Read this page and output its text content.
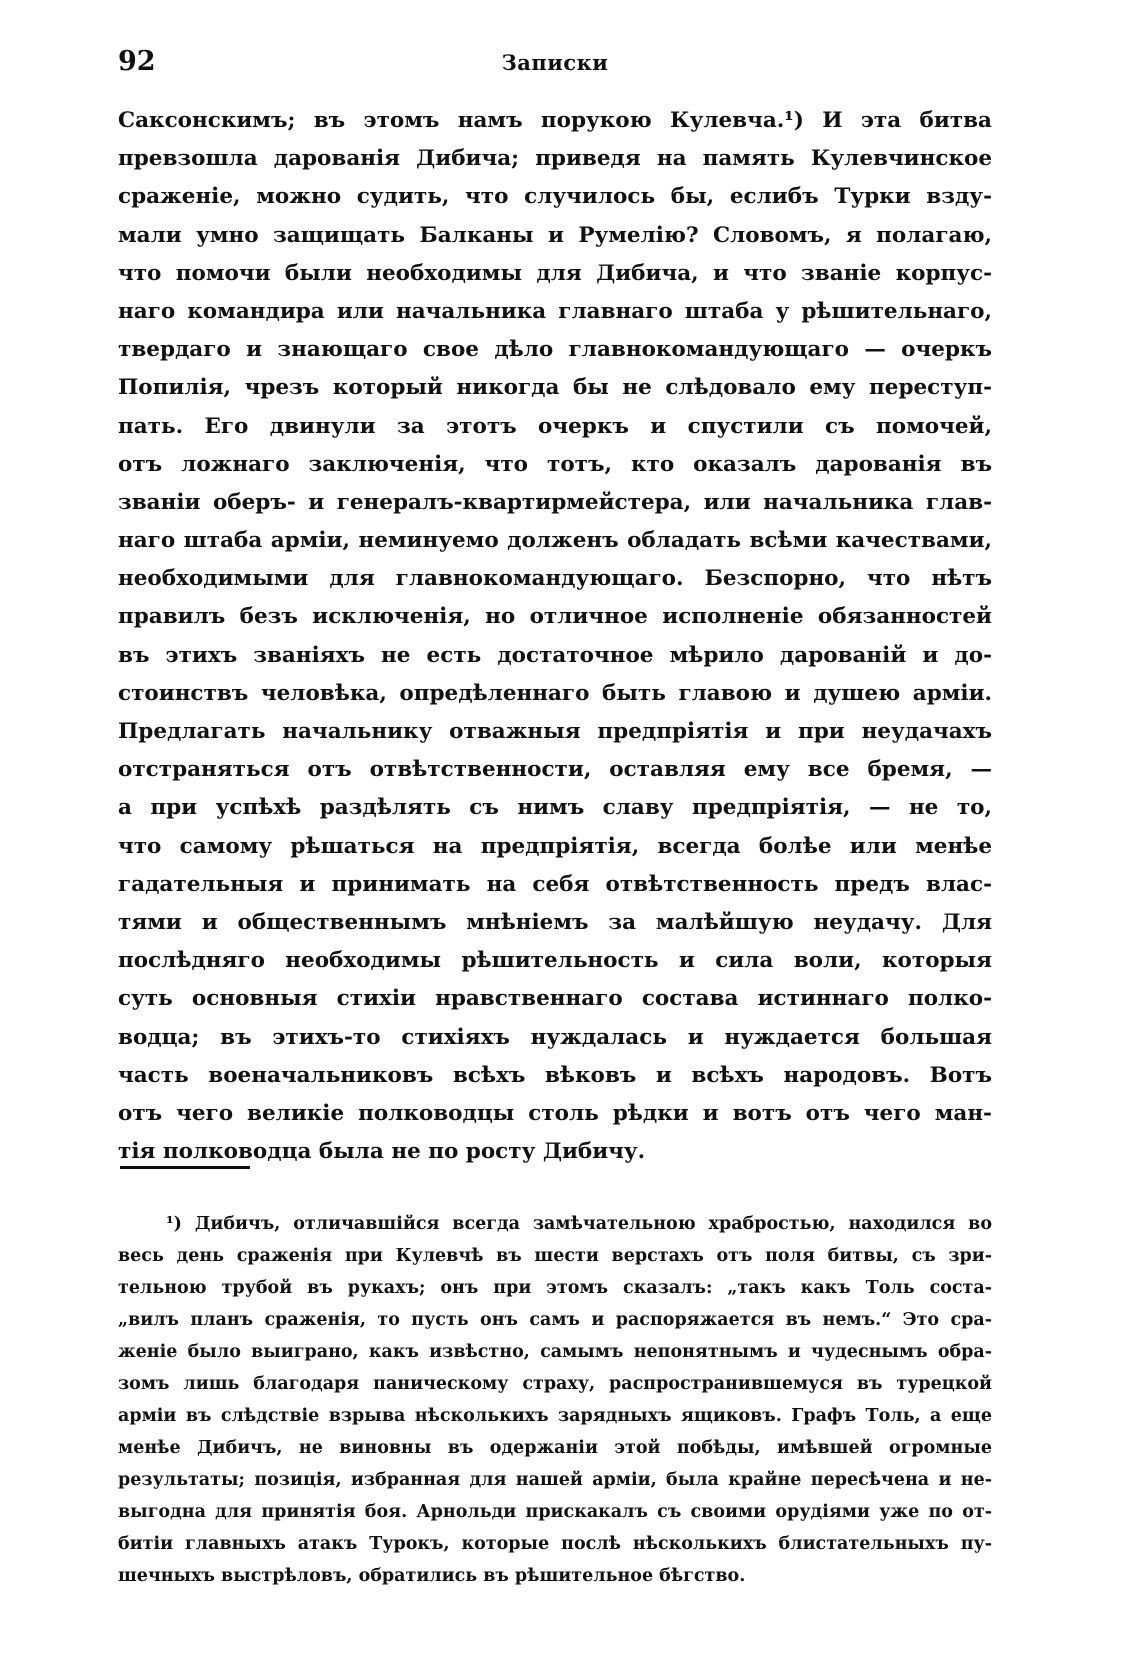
92	Записки
Саксонскимъ; въ этомъ намъ порукою Кулевча.¹) И эта битва
превзошла дарованія Дибича; приведя на память Кулевчинское
сраженіе, можно судить, что случилось бы, еслибъ Турки взду-
мали умно защищать Балканы и Румелію? Словомъ, я полагаю,
что помочи были необходимы для Дибича, и что званіе корпус-
наго командира или начальника главнаго штаба у рѣшительнаго,
твердаго и знающаго свое дѣло главнокомандующаго — очеркъ
Попилія, чрезъ который никогда бы не слѣдовало ему переступ-
пать. Его двинули за этотъ очеркъ и спустили съ помочей,
отъ ложнаго заключенія, что тотъ, кто оказалъ дарованія въ
званіи оберъ- и генералъ-квартирмейстера, или начальника глав-
наго штаба арміи, неминуемо долженъ обладать всѣми качествами,
необходимыми для главнокомандующаго. Безспорно, что нѣтъ
правилъ безъ исключенія, но отличное исполненіе обязанностей
въ этихъ званіяхъ не есть достаточное мѣрило дарованій и до-
стоинствъ человѣка, опредѣленнаго быть главою и душею арміи.
Предлагать начальнику отважныя предпріятія и при неудачахъ
отстраняться отъ отвѣтственности, оставляя ему все бремя, —
а при успѣхѣ раздѣлять съ нимъ славу предпріятія, — не то,
что самому рѣшаться на предпріятія, всегда болѣе или менѣе
гадательныя и принимать на себя отвѣтственность предъ влас-
тями и общественнымъ мнѣніемъ за малѣйшую неудачу. Для
послѣдняго необходимы рѣшительность и сила воли, которыя
суть основныя стихіи нравственнаго состава истиннаго полко-
водца; въ этихъ-то стихіяхъ нуждалась и нуждается большая
часть военачальниковъ всѣхъ вѣковъ и всѣхъ народовъ. Вотъ
отъ чего великіе полководцы столь рѣдки и вотъ отъ чего ман-
тія полководца была не по росту Дибичу.
¹) Дибичъ, отличавшійся всегда замѣчательною храбростью, находился во
весь день сраженія при Кулевчѣ въ шести верстахъ отъ поля битвы, съ зри-
тельною трубой въ рукахъ; онъ при этомъ сказалъ: „такъ какъ Толь соста-
„вилъ планъ сраженія, то пусть онъ самъ и распоряжается въ немъ.“ Это сра-
женіе было выиграно, какъ извѣстно, самымъ непонятнымъ и чудеснымъ обра-
зомъ лишь благодаря паническому страху, распространившемуся въ турецкой
арміи въ слѣдствіе взрыва нѣсколькихъ зарядныхъ ящиковъ. Графъ Толь, а еще
менѣе Дибичъ, не виновны въ одержаніи этой побѣды, имѣвшей огромные
результаты; позиція, избранная для нашей арміи, была крайне пересѣчена и не-
выгодна для принятія боя. Арнольди прискакалъ съ своими орудіями уже по от-
битіи главныхъ атакъ Турокъ, которые послѣ нѣсколькихъ блистательныхъ пу-
шечныхъ выстрѣловъ, обратились въ рѣшительное бѣгство.
